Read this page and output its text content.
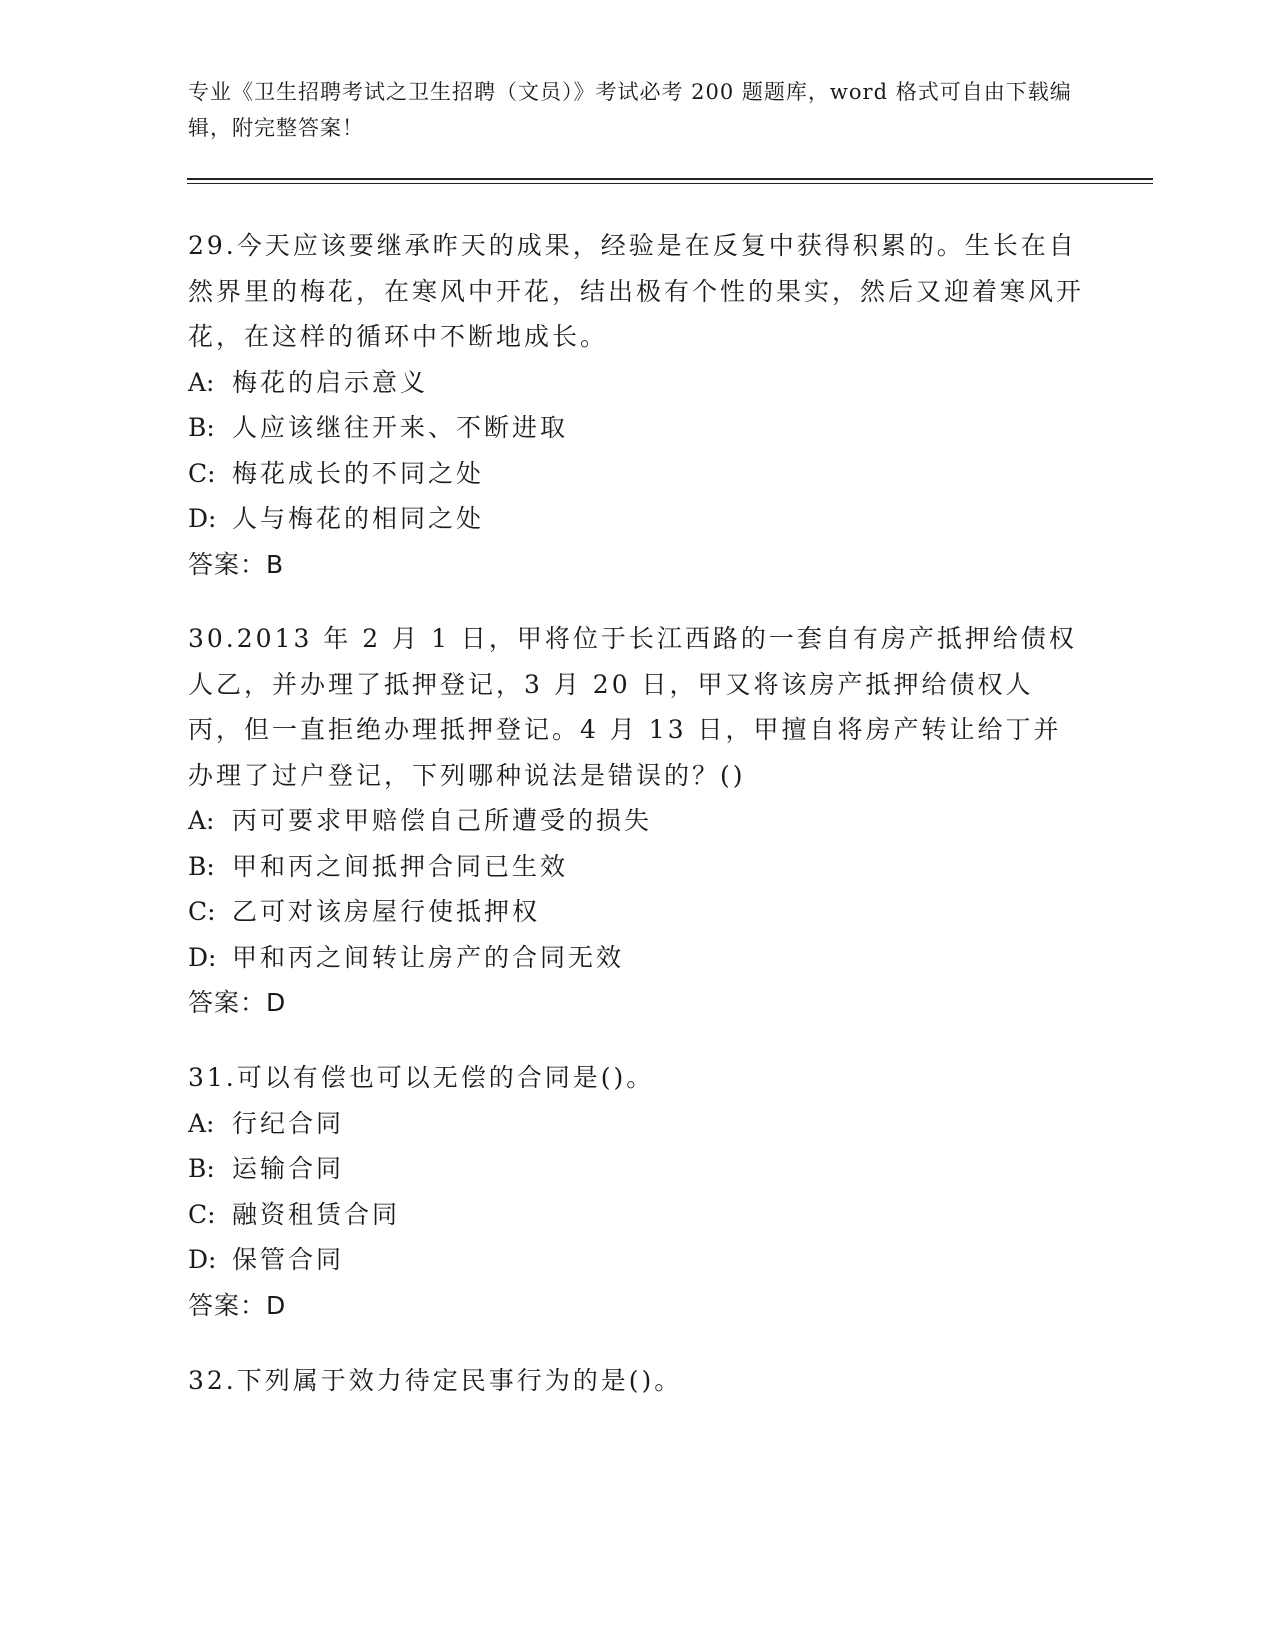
专业《卫生招聘考试之卫生招聘（文员）》考试必考 200 题题库，word 格式可自由下载编辑，附完整答案！

29.今天应该要继承昨天的成果，经验是在反复中获得积累的。生长在自然界里的梅花，在寒风中开花，结出极有个性的果实，然后又迎着寒风开花，在这样的循环中不断地成长。

A: 梅花的启示意义
B: 人应该继往开来、不断进取
C: 梅花成长的不同之处
D: 人与梅花的相同之处
答案：B

30.2013 年 2 月 1 日，甲将位于长江西路的一套自有房产抵押给债权人乙，并办理了抵押登记，3 月 20 日，甲又将该房产抵押给债权人丙，但一直拒绝办理抵押登记。4 月 13 日，甲擅自将房产转让给丁并办理了过户登记，下列哪种说法是错误的？()

A: 丙可要求甲赔偿自己所遭受的损失
B: 甲和丙之间抵押合同已生效
C: 乙可对该房屋行使抵押权
D: 甲和丙之间转让房产的合同无效
答案：D

31.可以有偿也可以无偿的合同是()。

A: 行纪合同
B: 运输合同
C: 融资租赁合同
D: 保管合同
答案：D

32.下列属于效力待定民事行为的是()。
